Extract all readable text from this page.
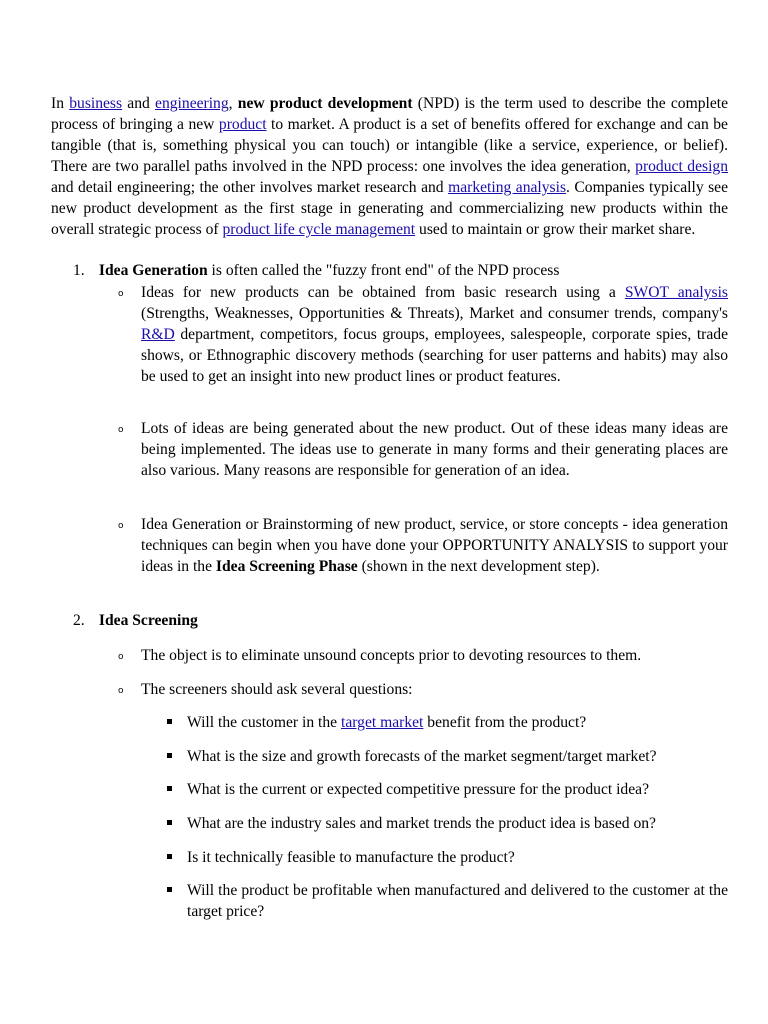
In business and engineering, new product development (NPD) is the term used to describe the complete process of bringing a new product to market. A product is a set of benefits offered for exchange and can be tangible (that is, something physical you can touch) or intangible (like a service, experience, or belief). There are two parallel paths involved in the NPD process: one involves the idea generation, product design and detail engineering; the other involves market research and marketing analysis. Companies typically see new product development as the first stage in generating and commercializing new products within the overall strategic process of product life cycle management used to maintain or grow their market share.

1. Idea Generation is often called the "fuzzy front end" of the NPD process

o Ideas for new products can be obtained from basic research using a SWOT analysis (Strengths, Weaknesses, Opportunities & Threats), Market and consumer trends, company's R&D department, competitors, focus groups, employees, salespeople, corporate spies, trade shows, or Ethnographic discovery methods (searching for user patterns and habits) may also be used to get an insight into new product lines or product features.
o Lots of ideas are being generated about the new product. Out of these ideas many ideas are being implemented. The ideas use to generate in many forms and their generating places are also various. Many reasons are responsible for generation of an idea.
o Idea Generation or Brainstorming of new product, service, or store concepts - idea generation techniques can begin when you have done your OPPORTUNITY ANALYSIS to support your ideas in the Idea Screening Phase (shown in the next development step).

2. Idea Screening

o The object is to eliminate unsound concepts prior to devoting resources to them.
o The screeners should ask several questions:
Will the customer in the target market benefit from the product?
What is the size and growth forecasts of the market segment/target market?
What is the current or expected competitive pressure for the product idea?
What are the industry sales and market trends the product idea is based on?
Is it technically feasible to manufacture the product?
Will the product be profitable when manufactured and delivered to the customer at the target price?
